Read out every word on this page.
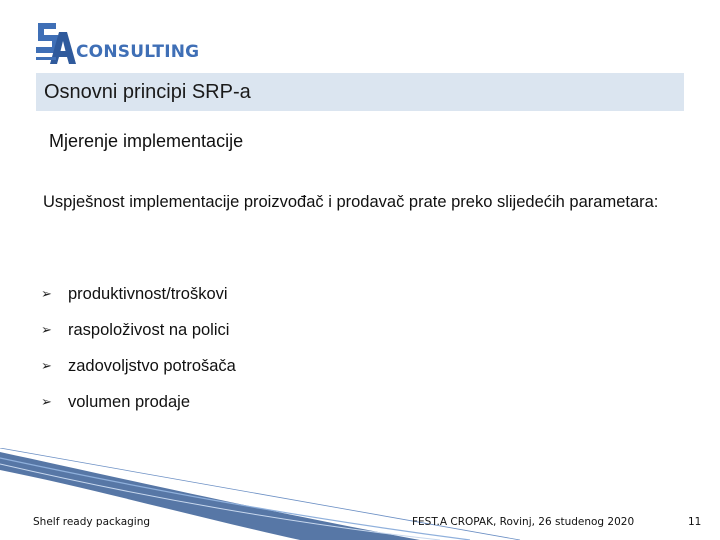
CONSULTING
Osnovni principi SRP-a
Mjerenje implementacije
Uspješnost implementacije proizvođač i prodavač prate preko slijedećih parametara:
➢ produktivnost/troškovi
➢ raspoloživost na polici
➢ zadovoljstvo potrošača
➢ volumen prodaje
Shelf ready packaging	FEST.A CROPAK, Rovinj, 26 studenog 2020	11
